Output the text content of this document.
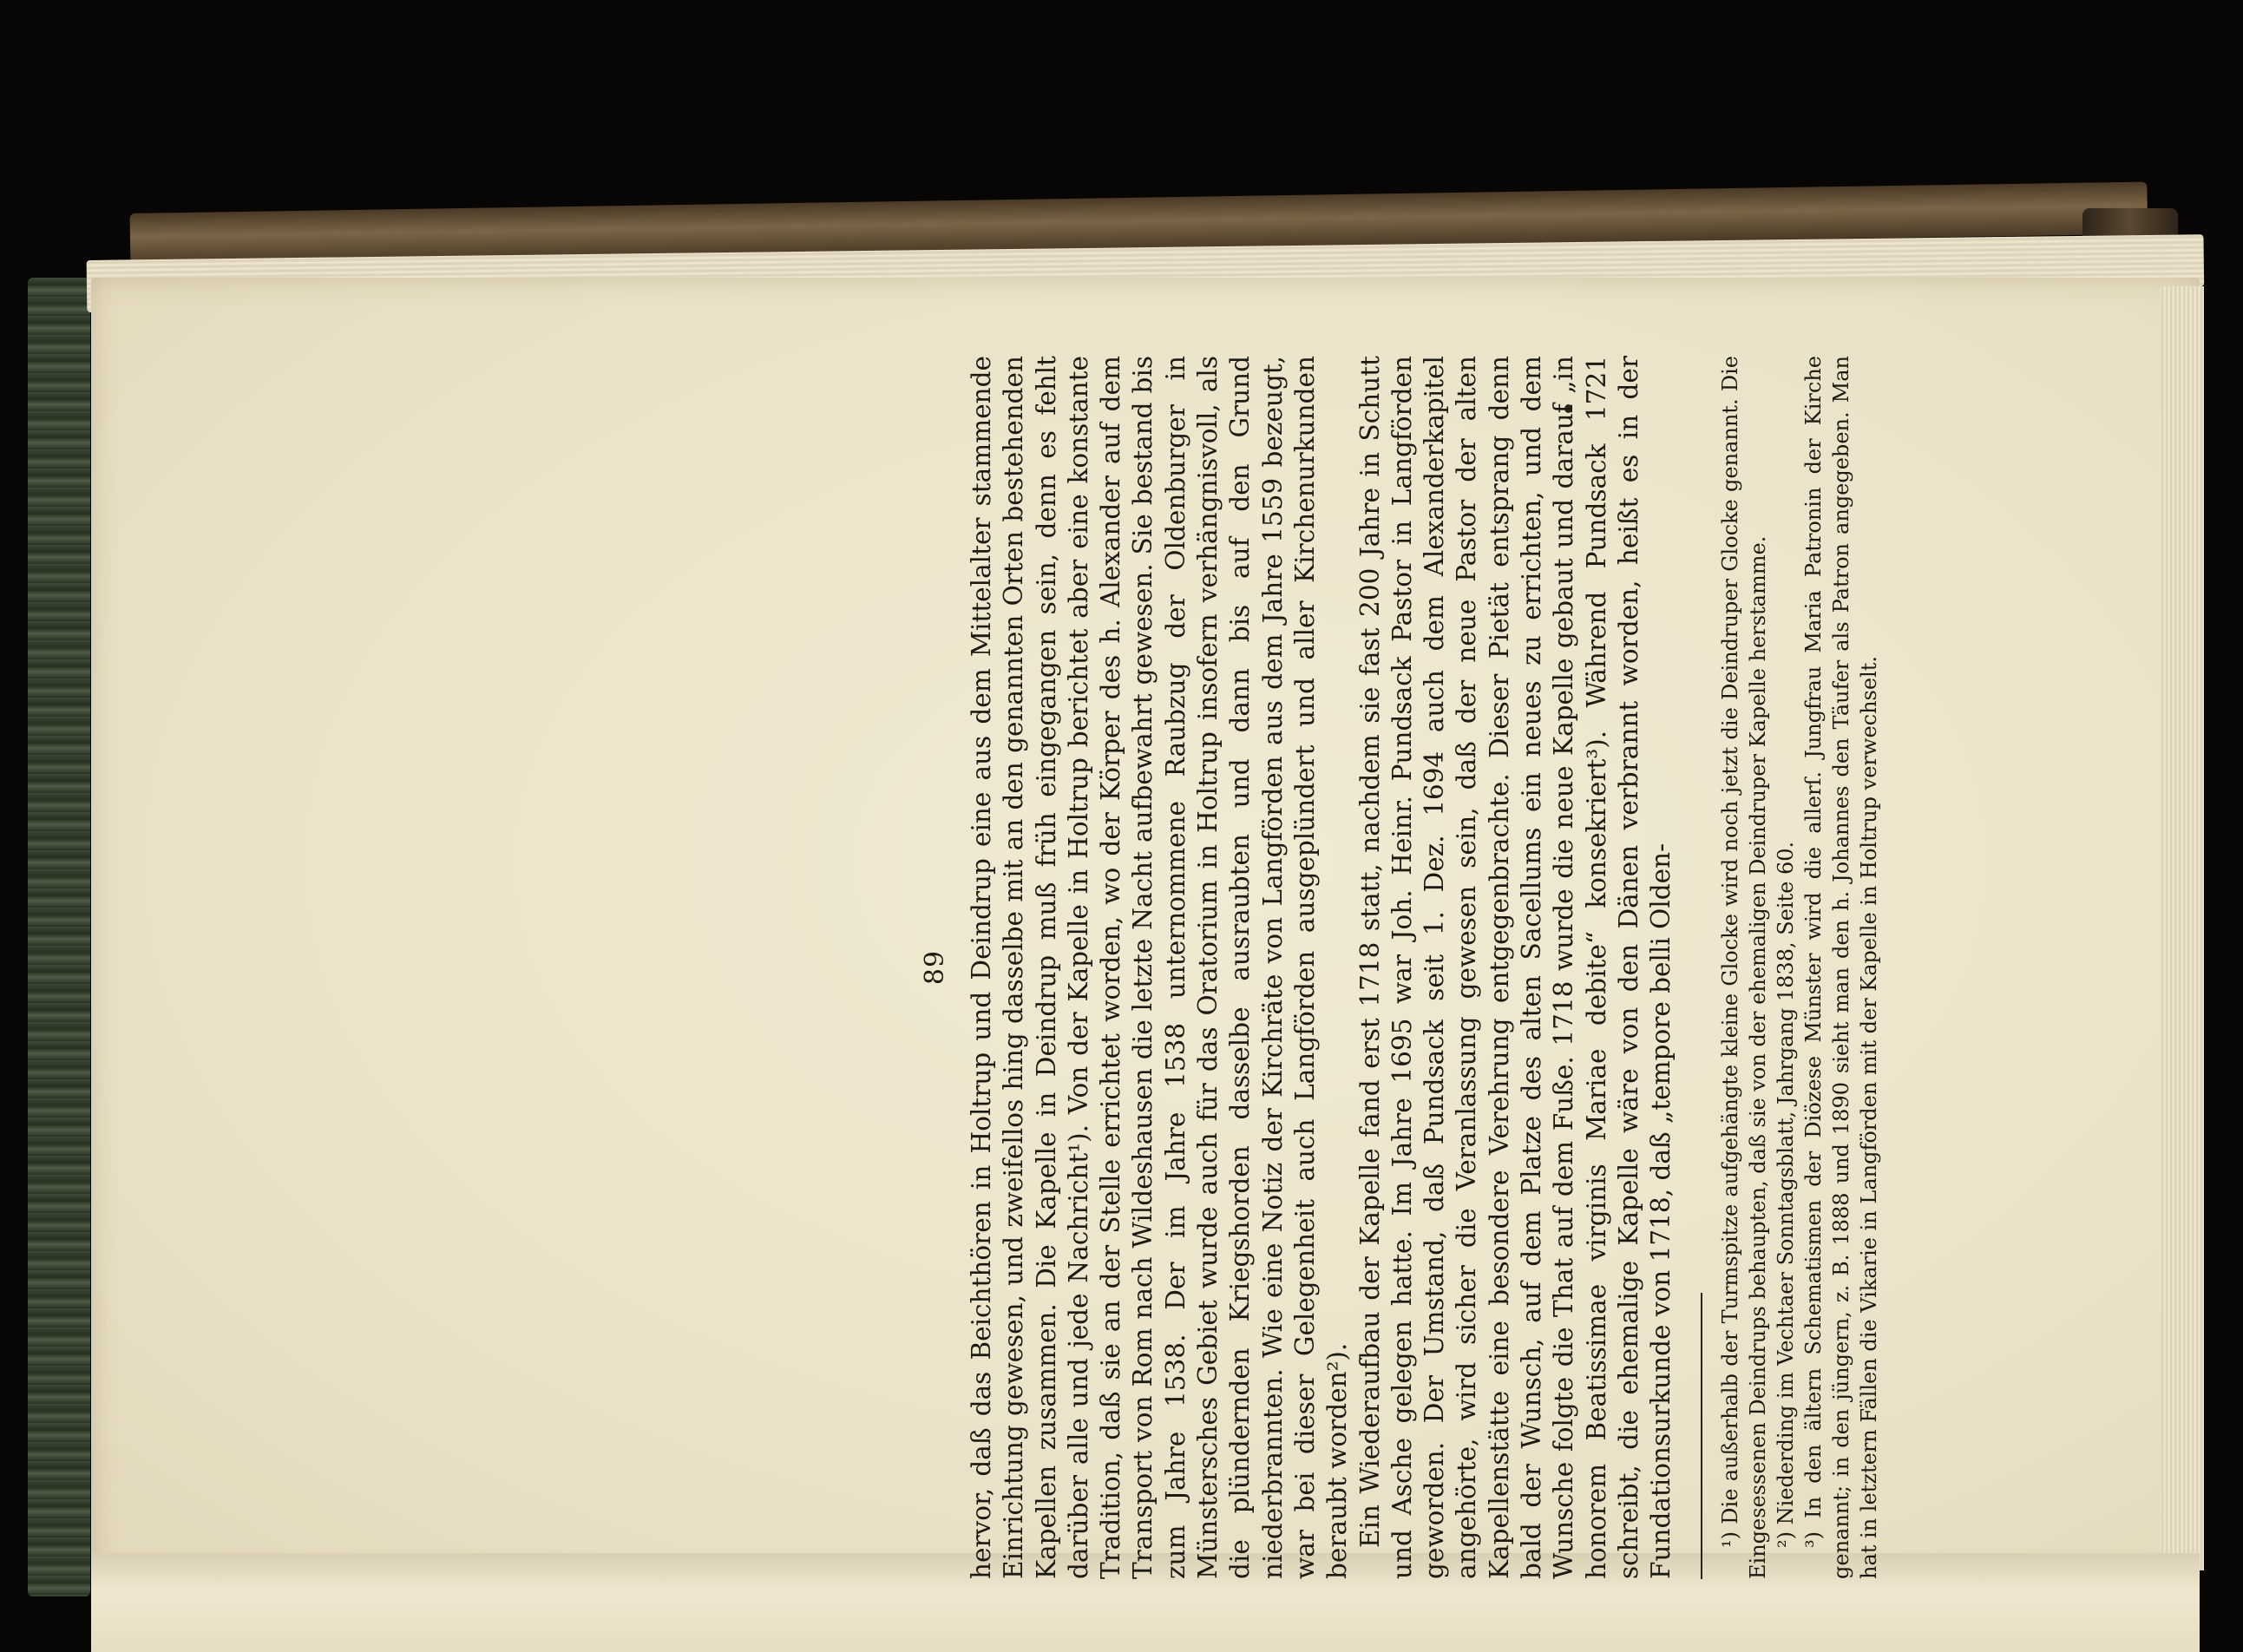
89 hervor, daß das Beichthören in Holtrup und Deindrup eine aus dem Mittelalter stammende Einrichtung gewesen, und zweifellos hing dasselbe mit an den genannten Orten bestehenden Kapellen zusammen. Die Kapelle in Deindrup muß früh eingegangen sein, denn es fehlt darüber alle und jede Nachricht¹). Von der Kapelle in Holtrup berichtet aber eine konstante Tradition, daß sie an der Stelle errichtet worden, wo der Körper des h. Alexander auf dem Transport von Rom nach Wildeshausen die letzte Nacht aufbewahrt gewesen. Sie bestand bis zum Jahre 1538. Der im Jahre 1538 unternommene Raubzug der Oldenburger in Münstersches Gebiet wurde auch für das Oratorium in Holtrup insofern verhängnisvoll, als die plündernden Kriegshorden dasselbe ausraubten und dann bis auf den Grund niederbrannten. Wie eine Notiz der Kirchräte von Langförden aus dem Jahre 1559 bezeugt, war bei dieser Gelegenheit auch Langförden ausgeplündert und aller Kirchenurkunden beraubt worden²). Ein Wiederaufbau der Kapelle fand erst 1718 statt, nachdem sie fast 200 Jahre in Schutt und Asche gelegen hatte. Im Jahre 1695 war Joh. Heinr. Pundsack Pastor in Langförden geworden. Der Umstand, daß Pundsack seit 1. Dez. 1694 auch dem Alexanderkapitel angehörte, wird sicher die Veranlassung gewesen sein, daß der neue Pastor der alten Kapellenstätte eine besondere Verehrung entgegenbrachte. Dieser Pietät entsprang denn bald der Wunsch, auf dem Platze des alten Sacellums ein neues zu errichten, und dem Wunsche folgte die That auf dem Fuße. 1718 wurde die neue Kapelle gebaut und darauf „in honorem Beatissimae virginis Mariae debite“ konsekriert³). Während Pundsack 1721 schreibt, die ehemalige Kapelle wäre von den Dänen verbrannt worden, heißt es in der Fundationsurkunde von 1718, daß „tempore belli Olden- ¹) Die außerhalb der Turmspitze aufgehängte kleine Glocke wird noch jetzt die Deindruper Glocke genannt. Die Eingesessenen Deindrups behaupten, daß sie von der ehemaligen Deindruper Kapelle herstamme. ²) Niederding im Vechtaer Sonntagsblatt, Jahrgang 1838, Seite 60. ³) In den ältern Schematismen der Diözese Münster wird die allerſ. Jungfrau Maria Patronin der Kirche genannt; in den jüngern, z. B. 1888 und 1890 sieht man den h. Johannes den Täufer als Patron angegeben. Man hat in letztern Fällen die Vikarie in Langförden mit der Kapelle in Holtrup verwechselt.
